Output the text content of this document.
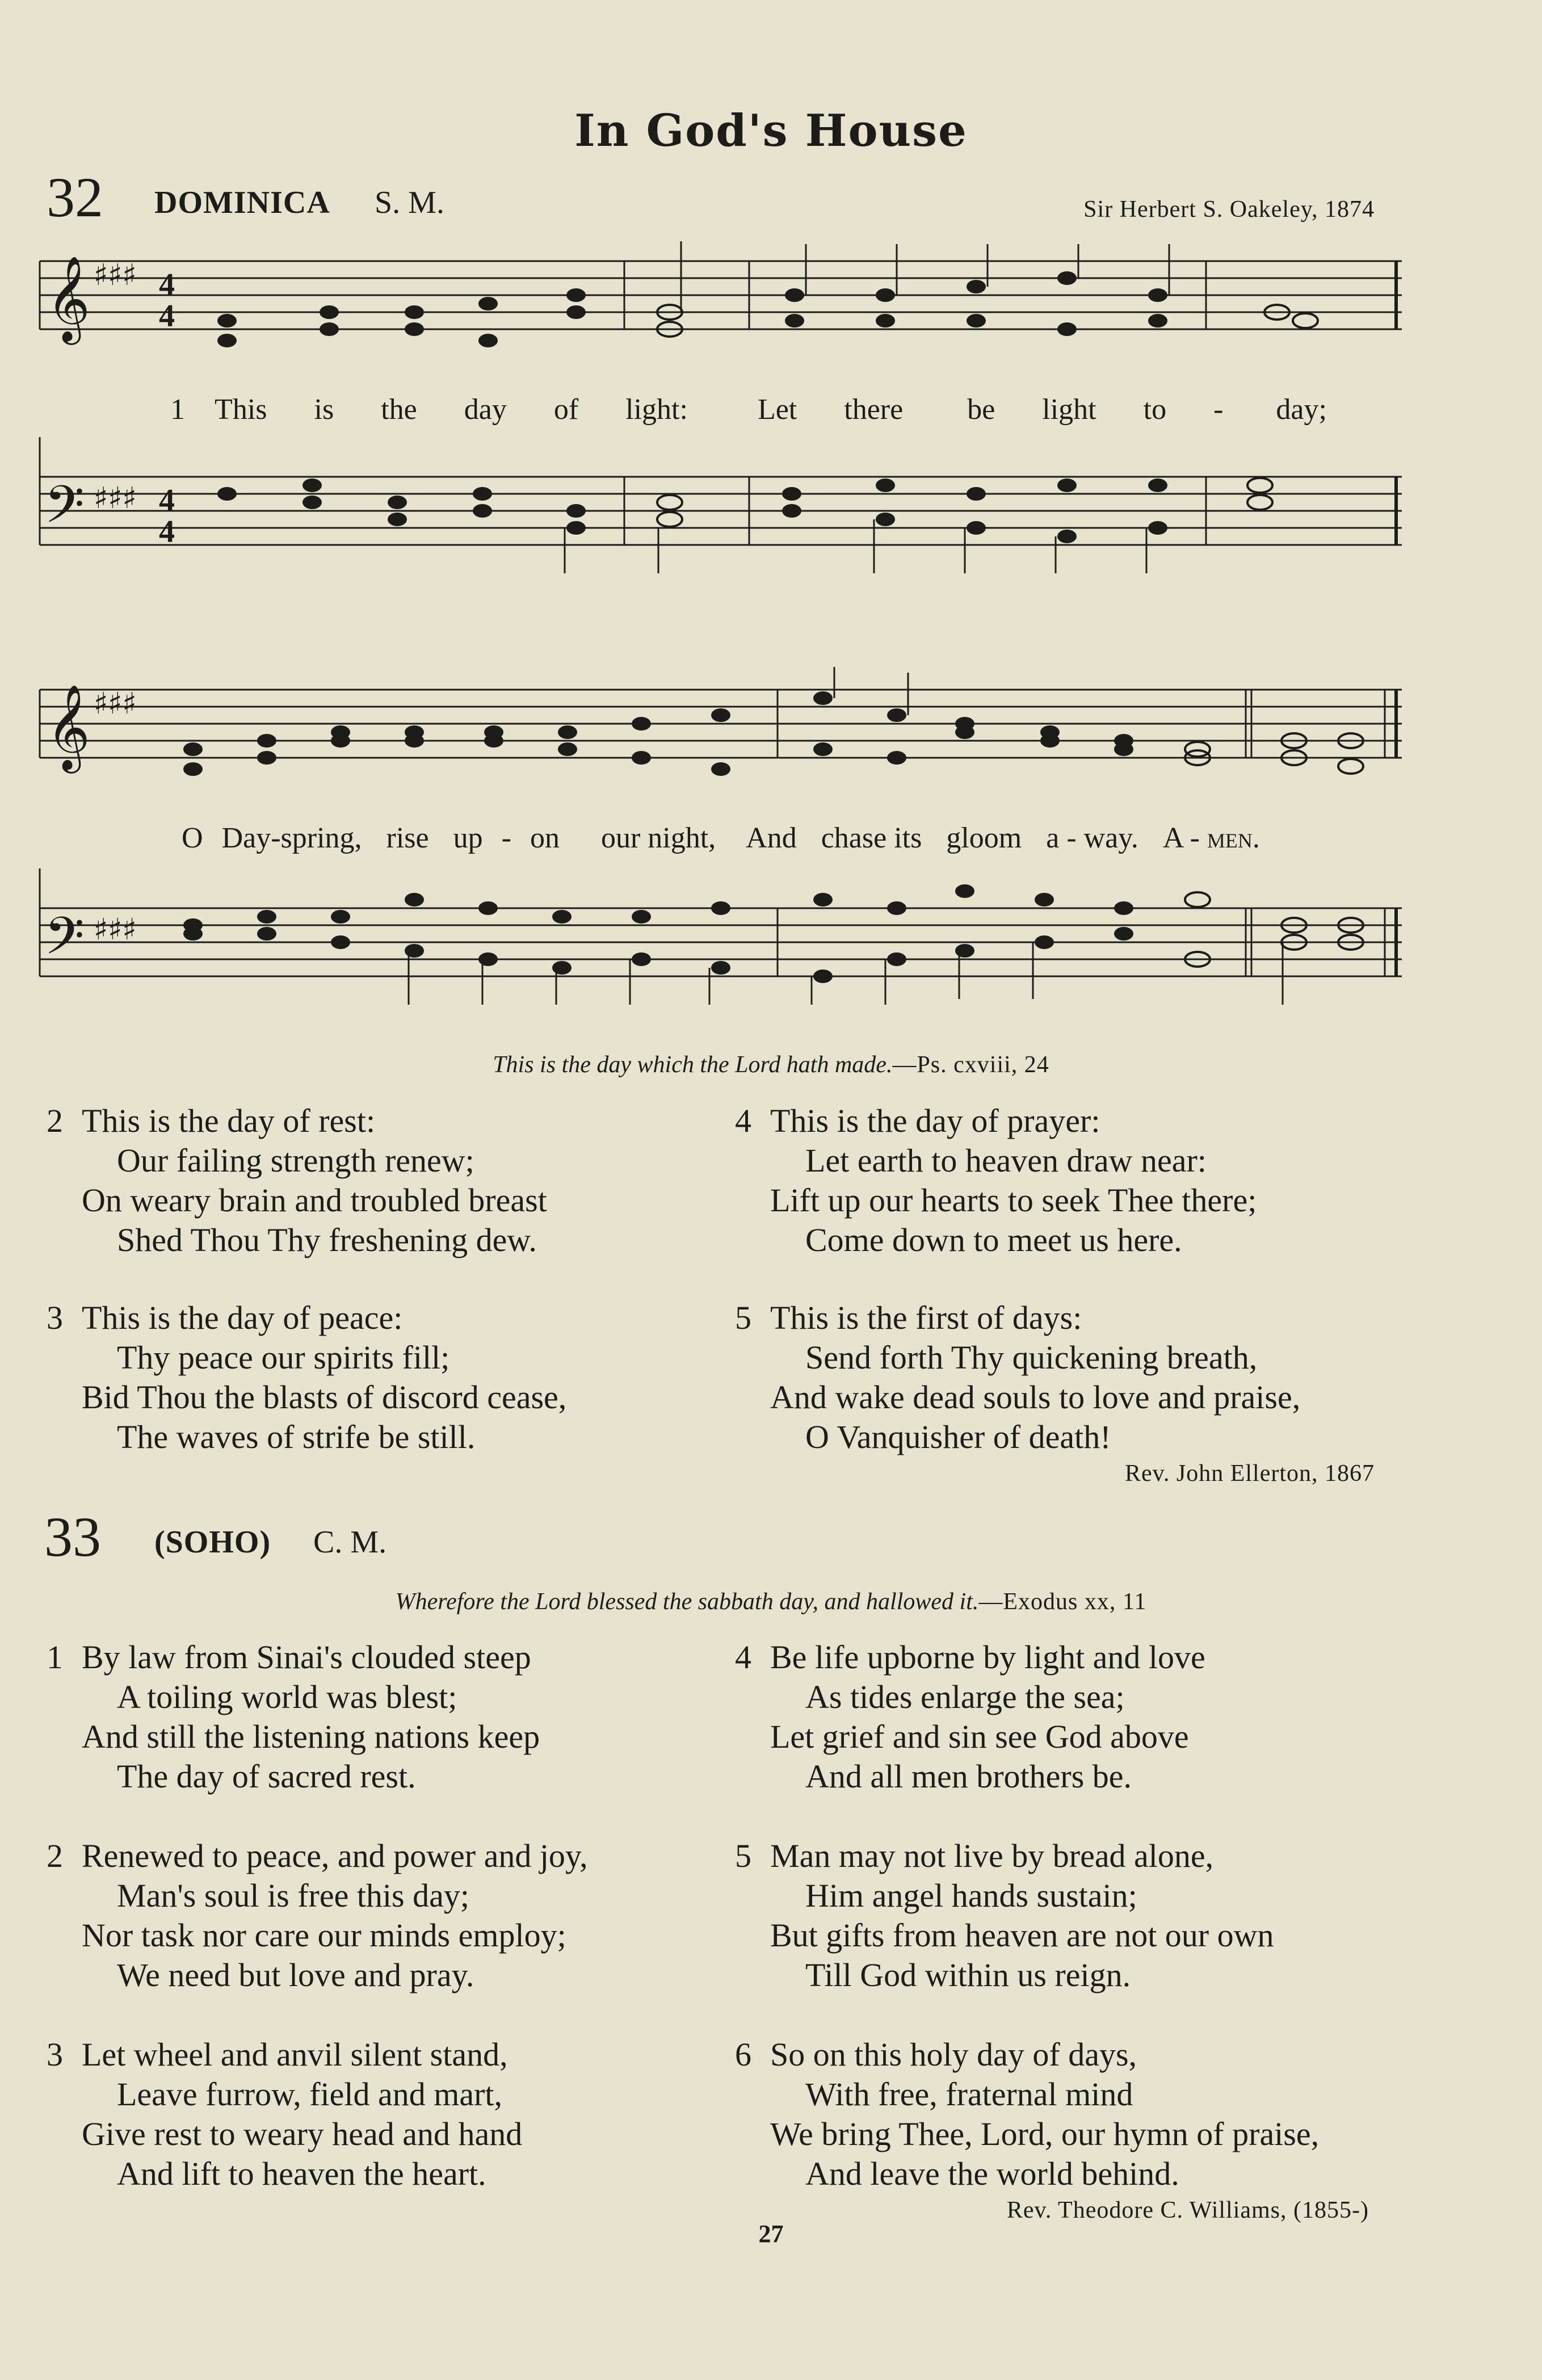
In God's House
32 DOMINICA S. M.	Sir Herbert S. Oakeley, 1874
𝄞 ♯♯♯ 4
4
1 This is the day of light: Let there be light to - day;
𝄢 ♯♯♯ 4
4
𝄞 ♯♯♯
O Day-spring, rise up - on our night, And chase its gloom a - way. A - men.
𝄢 ♯♯♯
This is the day which the Lord hath made.—Ps. cxviii, 24
2 This is the day of rest:
Our failing strength renew;
On weary brain and troubled breast
Shed Thou Thy freshening dew.
3 This is the day of peace:
Thy peace our spirits fill;
Bid Thou the blasts of discord cease,
The waves of strife be still.
4 This is the day of prayer:
Let earth to heaven draw near:
Lift up our hearts to seek Thee there;
Come down to meet us here.
5 This is the first of days:
Send forth Thy quickening breath,
And wake dead souls to love and praise,
O Vanquisher of death!
Rev. John Ellerton, 1867
33 (SOHO) C. M.
Wherefore the Lord blessed the sabbath day, and hallowed it.—Exodus xx, 11
1 By law from Sinai's clouded steep
A toiling world was blest;
And still the listening nations keep
The day of sacred rest.
2 Renewed to peace, and power and joy,
Man's soul is free this day;
Nor task nor care our minds employ;
We need but love and pray.
3 Let wheel and anvil silent stand,
Leave furrow, field and mart,
Give rest to weary head and hand
And lift to heaven the heart.
4 Be life upborne by light and love
As tides enlarge the sea;
Let grief and sin see God above
And all men brothers be.
5 Man may not live by bread alone,
Him angel hands sustain;
But gifts from heaven are not our own
Till God within us reign.
6 So on this holy day of days,
With free, fraternal mind
We bring Thee, Lord, our hymn of praise,
And leave the world behind.
Rev. Theodore C. Williams, (1855-)
27
